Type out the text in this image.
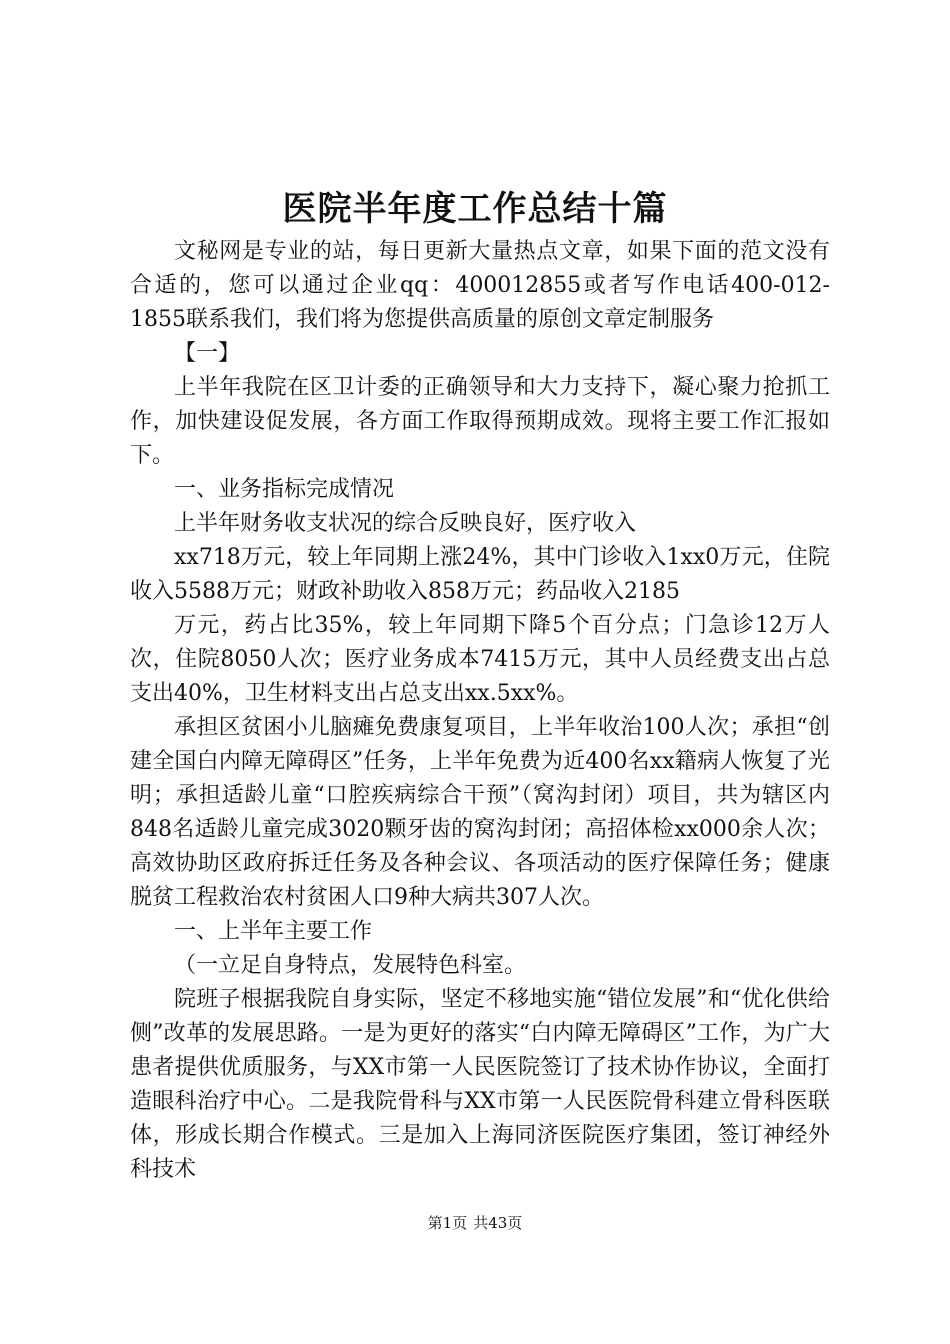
医院半年度工作总结十篇

文秘网是专业的站，每日更新大量热点文章，如果下面的范文没有合适的，您可以通过企业qq：400012855或者写作电话400-012-1855联系我们，我们将为您提供高质量的原创文章定制服务

【一】

上半年我院在区卫计委的正确领导和大力支持下，凝心聚力抢抓工作，加快建设促发展，各方面工作取得预期成效。现将主要工作汇报如下。

一、业务指标完成情况

上半年财务收支状况的综合反映良好，医疗收入

xx718万元，较上年同期上涨24%，其中门诊收入1xx0万元，住院收入5588万元；财政补助收入858万元；药品收入2185

万元，药占比35%，较上年同期下降5个百分点；门急诊12万人次，住院8050人次；医疗业务成本7415万元，其中人员经费支出占总支出40%，卫生材料支出占总支出xx.5xx%。

承担区贫困小儿脑瘫免费康复项目，上半年收治100人次；承担“创建全国白内障无障碍区”任务，上半年免费为近400名xx籍病人恢复了光明；承担适龄儿童“口腔疾病综合干预”（窝沟封闭）项目，共为辖区内848名适龄儿童完成3020颗牙齿的窝沟封闭；高招体检xx000余人次；高效协助区政府拆迁任务及各种会议、各项活动的医疗保障任务；健康脱贫工程救治农村贫困人口9种大病共307人次。

一、上半年主要工作

（一立足自身特点，发展特色科室。

院班子根据我院自身实际，坚定不移地实施“错位发展”和“优化供给侧”改革的发展思路。一是为更好的落实“白内障无障碍区”工作，为广大患者提供优质服务，与XX市第一人民医院签订了技术协作协议，全面打造眼科治疗中心。二是我院骨科与XX市第一人民医院骨科建立骨科医联体，形成长期合作模式。三是加入上海同济医院医疗集团，签订神经外科技术

第1页 共43页
